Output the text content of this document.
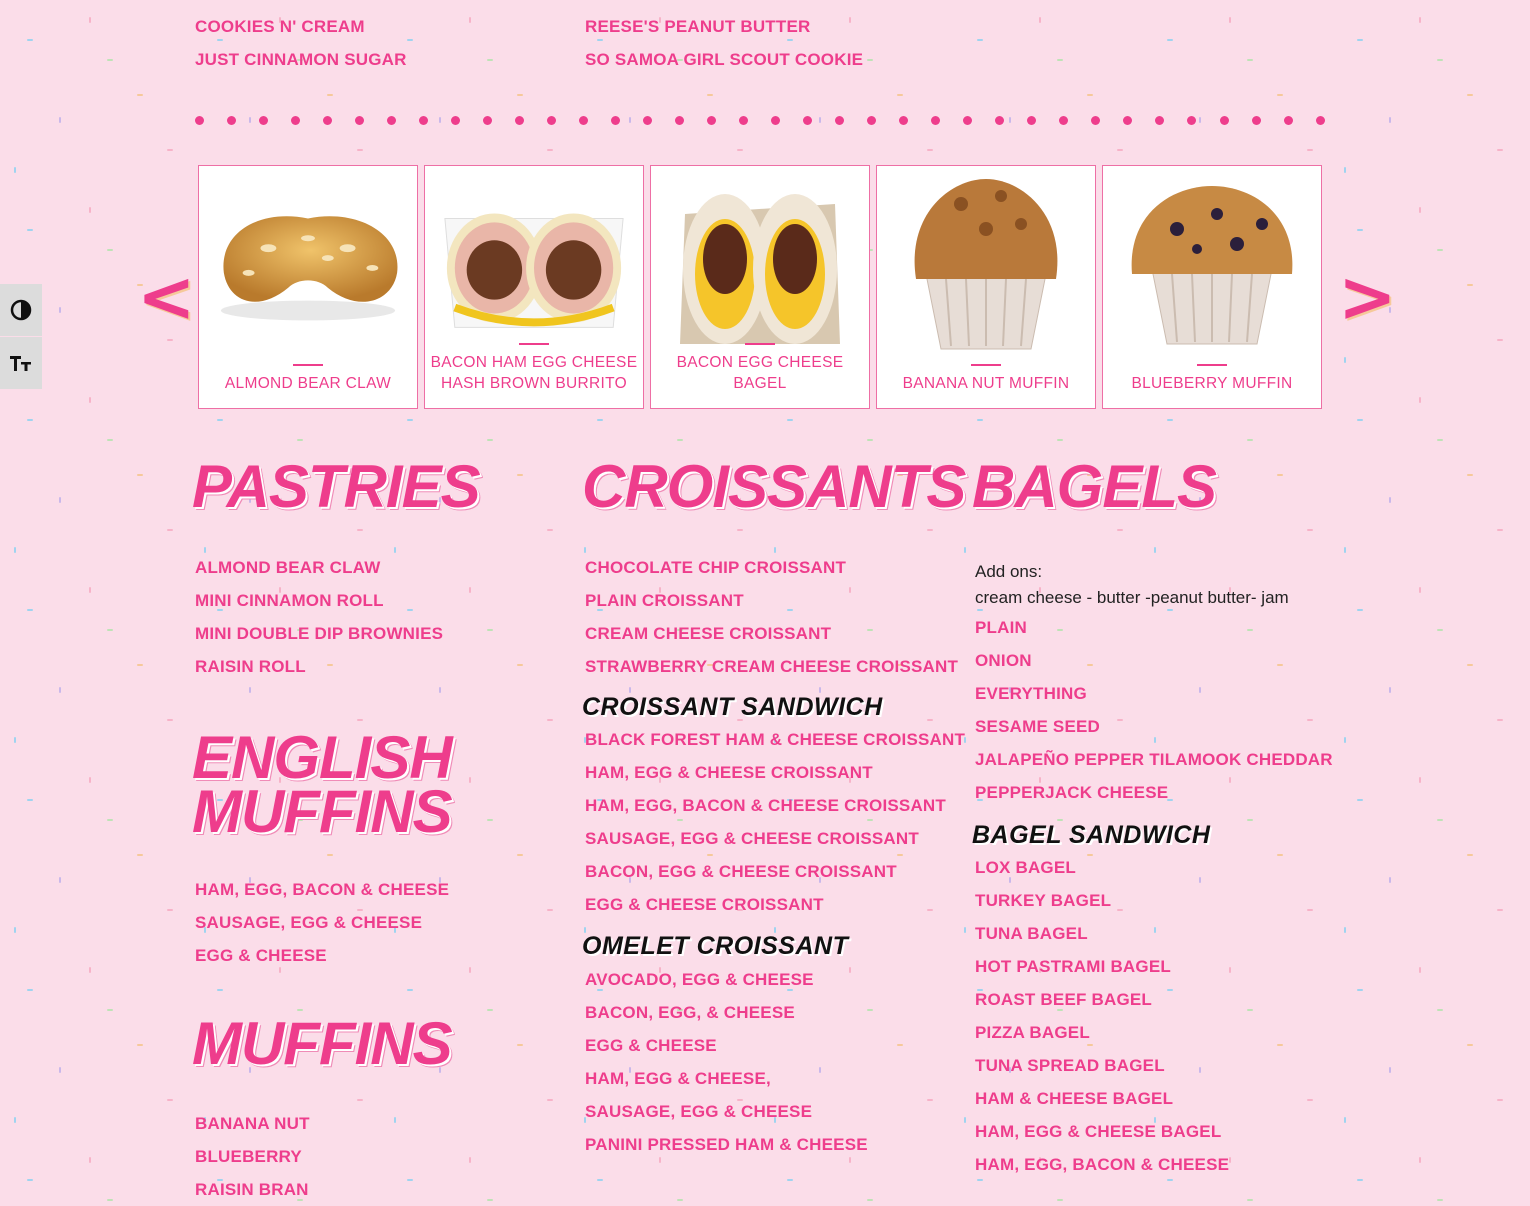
COOKIES N' CREAM
JUST CINNAMON SUGAR
REESE'S PEANUT BUTTER
SO SAMOA GIRL SCOUT COOKIE
<	>
ALMOND BEAR CLAW
BACON HAM EGG CHEESE
HASH BROWN BURRITO
BACON EGG CHEESE BAGEL	BANANA NUT MUFFIN	BLUEBERRY MUFFIN
PASTRIES
ALMOND BEAR CLAW
MINI CINNAMON ROLL
MINI DOUBLE DIP BROWNIES
RAISIN ROLL
ENGLISH
MUFFINS
HAM, EGG, BACON & CHEESE
SAUSAGE, EGG & CHEESE
EGG & CHEESE
MUFFINS
BANANA NUT
BLUEBERRY
RAISIN BRAN
CROISSANTS
CHOCOLATE CHIP CROISSANT
PLAIN CROISSANT
CREAM CHEESE CROISSANT
STRAWBERRY CREAM CHEESE CROISSANT
CROISSANT SANDWICH
BLACK FOREST HAM & CHEESE CROISSANT
HAM, EGG & CHEESE CROISSANT
HAM, EGG, BACON & CHEESE CROISSANT
SAUSAGE, EGG & CHEESE CROISSANT
BACON, EGG & CHEESE CROISSANT
EGG & CHEESE CROISSANT
OMELET CROISSANT
AVOCADO, EGG & CHEESE
BACON, EGG, & CHEESE
EGG & CHEESE
HAM, EGG & CHEESE,
SAUSAGE, EGG & CHEESE
PANINI PRESSED HAM & CHEESE
BAGELS
Add ons:
cream cheese - butter -peanut butter- jam
PLAIN
ONION
EVERYTHING
SESAME SEED
JALAPEÑO PEPPER TILAMOOK CHEDDAR
PEPPERJACK CHEESE
BAGEL SANDWICH
LOX BAGEL
TURKEY BAGEL
TUNA BAGEL
HOT PASTRAMI BAGEL
ROAST BEEF BAGEL
PIZZA BAGEL
TUNA SPREAD BAGEL
HAM & CHEESE BAGEL
HAM, EGG & CHEESE BAGEL
HAM, EGG, BACON & CHEESE
